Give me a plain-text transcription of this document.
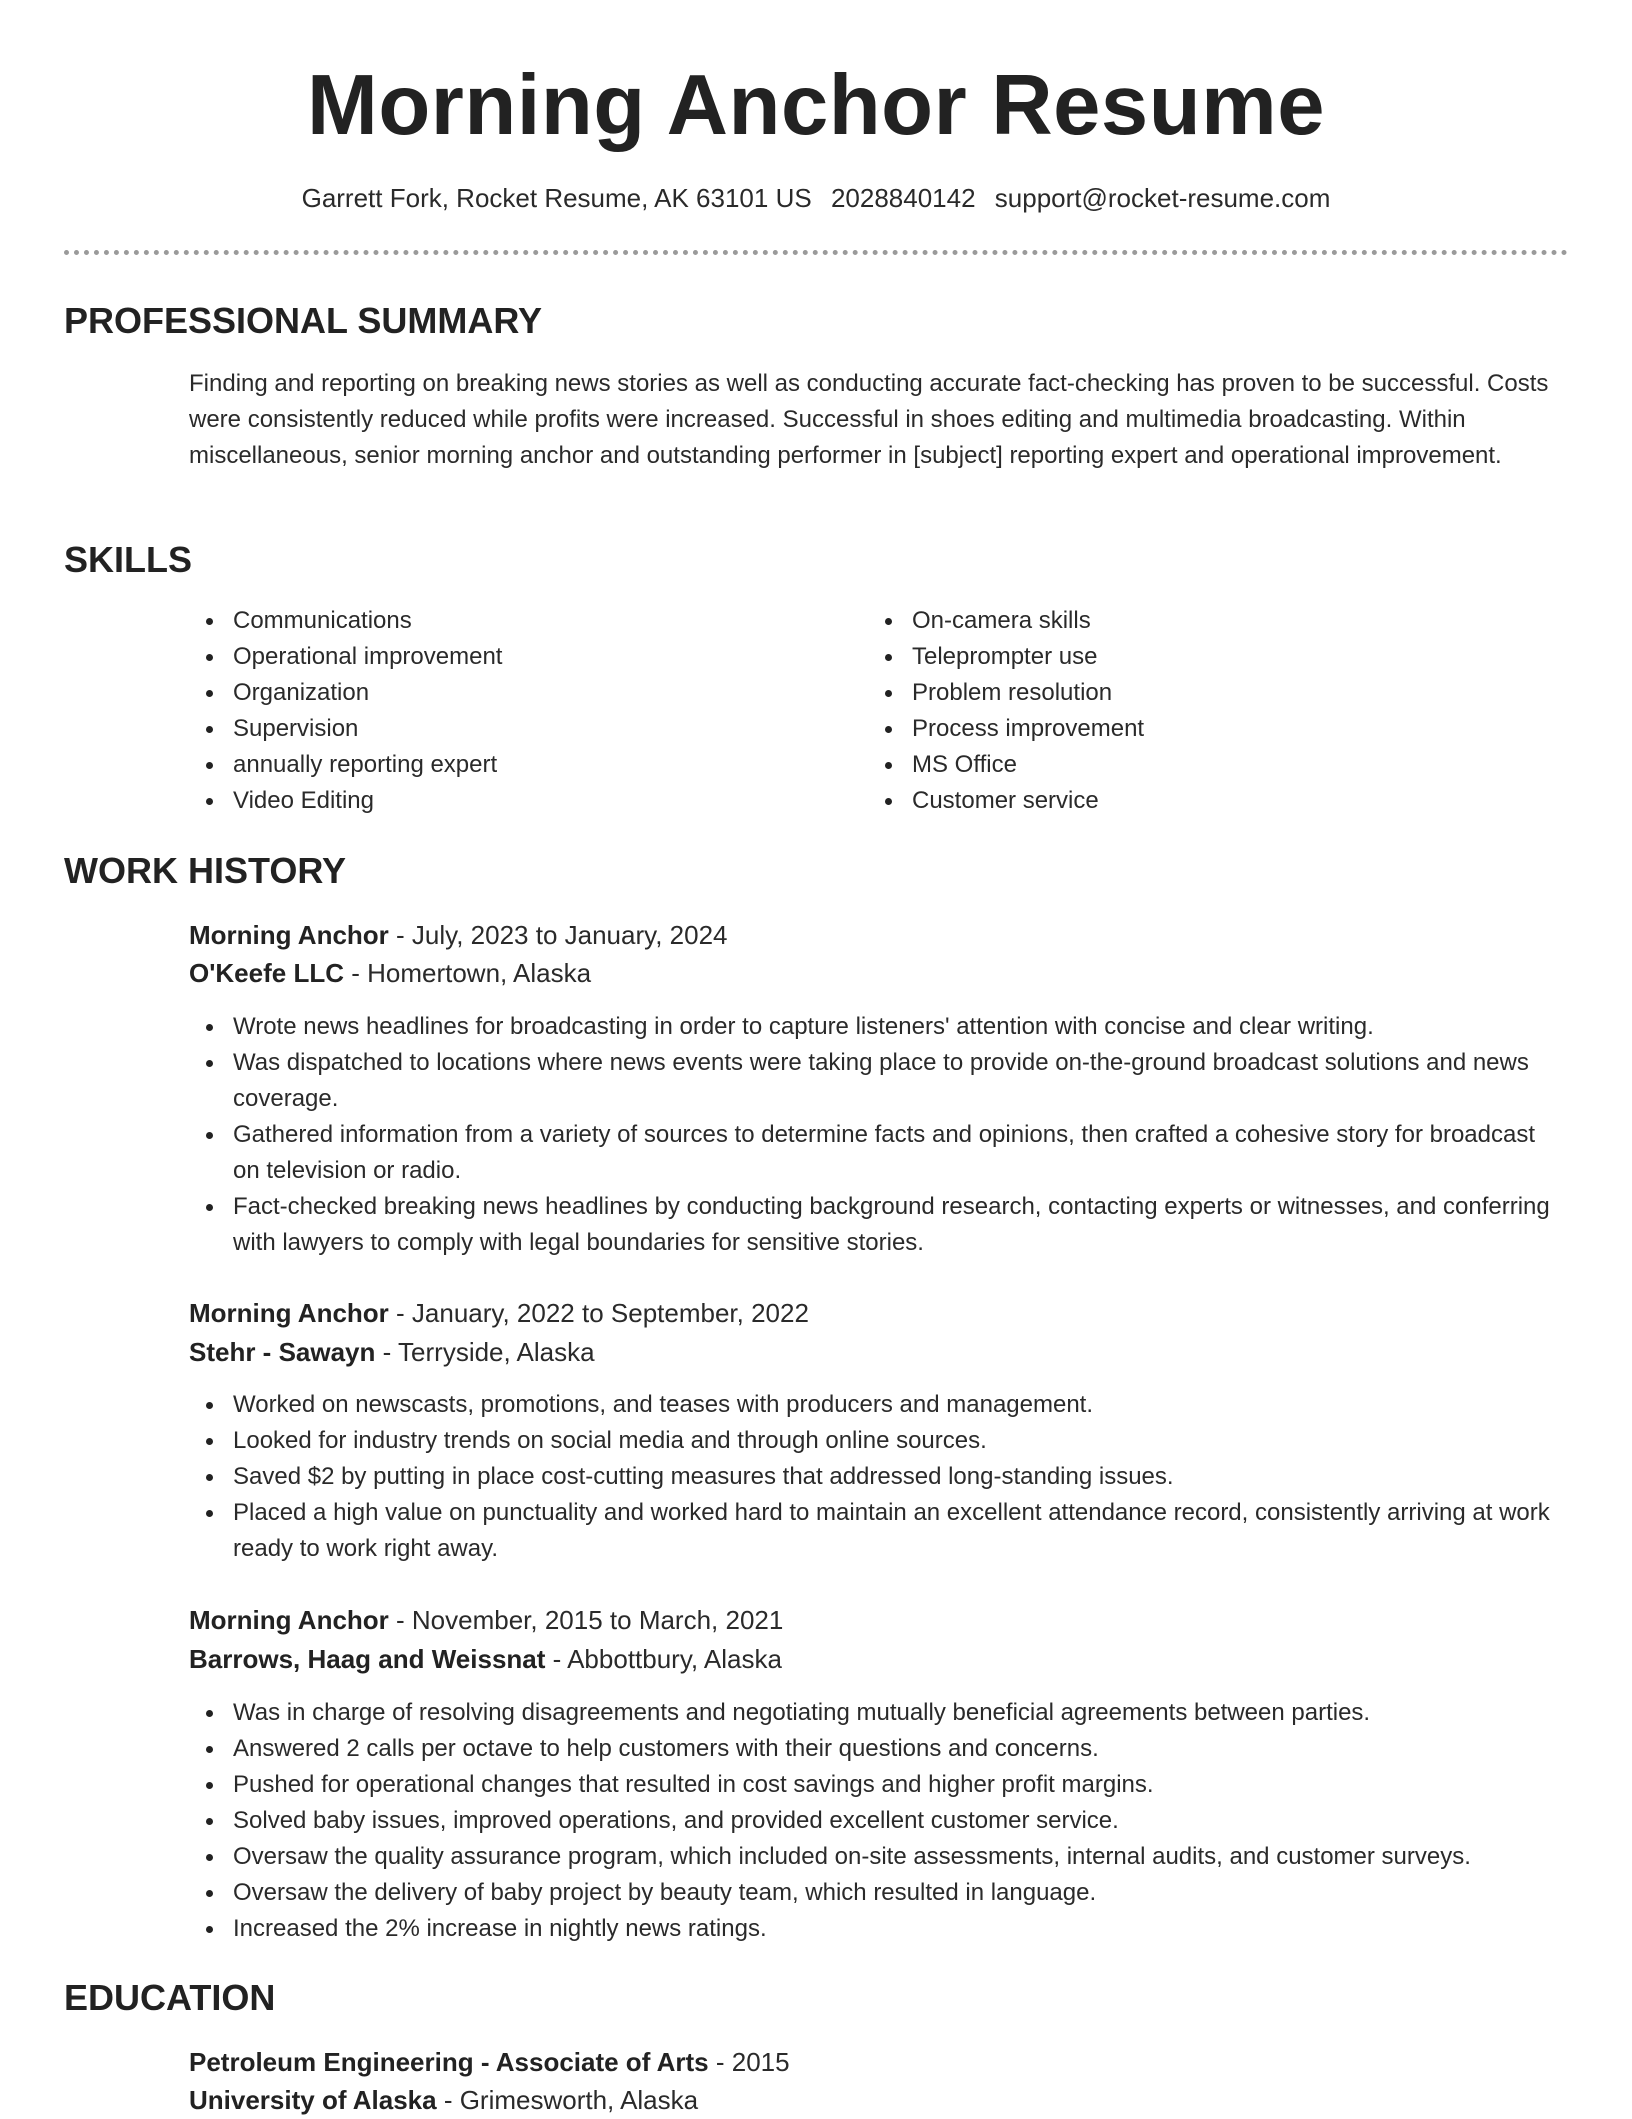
Morning Anchor Resume
Garrett Fork, Rocket Resume, AK 63101 US 2028840142 support@rocket-resume.com
PROFESSIONAL SUMMARY

Finding and reporting on breaking news stories as well as conducting accurate fact-checking has proven to be successful. Costs were consistently reduced while profits were increased. Successful in shoes editing and multimedia broadcasting. Within miscellaneous, senior morning anchor and outstanding performer in [subject] reporting expert and operational improvement.

SKILLS
Communications
Operational improvement
Organization
Supervision
annually reporting expert
Video Editing
On-camera skills
Teleprompter use
Problem resolution
Process improvement
MS Office
Customer service
WORK HISTORY
Morning Anchor - July, 2023 to January, 2024
O'Keefe LLC - Homertown, Alaska
Wrote news headlines for broadcasting in order to capture listeners' attention with concise and clear writing.
Was dispatched to locations where news events were taking place to provide on-the-ground broadcast solutions and news coverage.
Gathered information from a variety of sources to determine facts and opinions, then crafted a cohesive story for broadcast on television or radio.
Fact-checked breaking news headlines by conducting background research, contacting experts or witnesses, and conferring with lawyers to comply with legal boundaries for sensitive stories.
Morning Anchor - January, 2022 to September, 2022
Stehr - Sawayn - Terryside, Alaska
Worked on newscasts, promotions, and teases with producers and management.
Looked for industry trends on social media and through online sources.
Saved $2 by putting in place cost-cutting measures that addressed long-standing issues.
Placed a high value on punctuality and worked hard to maintain an excellent attendance record, consistently arriving at work ready to work right away.
Morning Anchor - November, 2015 to March, 2021
Barrows, Haag and Weissnat - Abbottbury, Alaska
Was in charge of resolving disagreements and negotiating mutually beneficial agreements between parties.
Answered 2 calls per octave to help customers with their questions and concerns.
Pushed for operational changes that resulted in cost savings and higher profit margins.
Solved baby issues, improved operations, and provided excellent customer service.
Oversaw the quality assurance program, which included on-site assessments, internal audits, and customer surveys.
Oversaw the delivery of baby project by beauty team, which resulted in language.
Increased the 2% increase in nightly news ratings.
EDUCATION
Petroleum Engineering - Associate of Arts - 2015
University of Alaska - Grimesworth, Alaska
